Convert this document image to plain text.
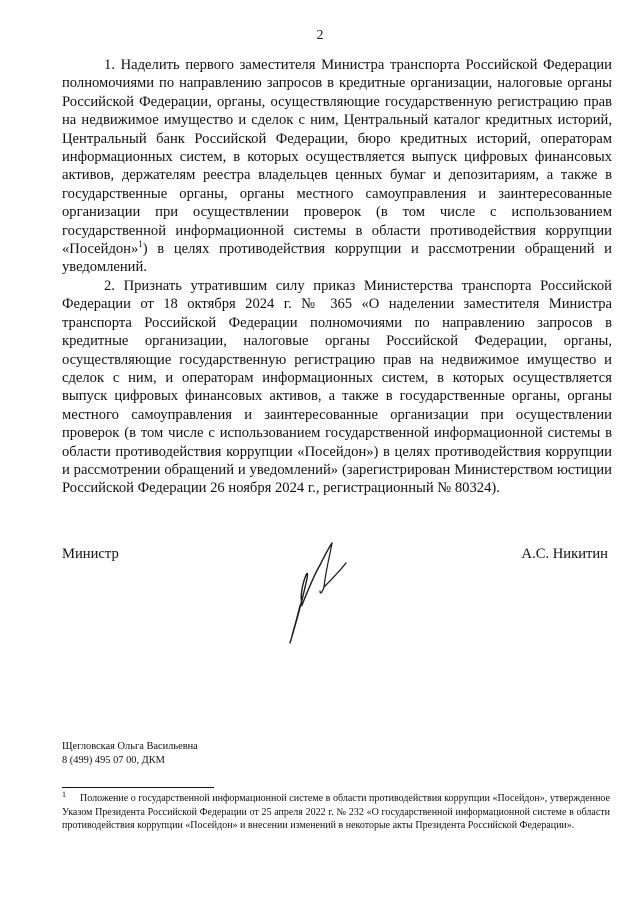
2

1. Наделить первого заместителя Министра транспорта Российской Федерации полномочиями по направлению запросов в кредитные организации, налоговые органы Российской Федерации, органы, осуществляющие государственную регистрацию прав на недвижимое имущество и сделок с ним, Центральный каталог кредитных историй, Центральный банк Российской Федерации, бюро кредитных историй, операторам информационных систем, в которых осуществляется выпуск цифровых финансовых активов, держателям реестра владельцев ценных бумаг и депозитариям, а также в государственные органы, органы местного самоуправления и заинтересованные организации при осуществлении проверок (в том числе с использованием государственной информационной системы в области противодействия коррупции «Посейдон»$^1$) в целях противодействия коррупции и рассмотрении обращений и уведомлений.

2. Признать утратившим силу приказ Министерства транспорта Российской Федерации от 18 октября 2024 г. № 365 «О наделении заместителя Министра транспорта Российской Федерации полномочиями по направлению запросов в кредитные организации, налоговые органы Российской Федерации, органы, осуществляющие государственную регистрацию прав на недвижимое имущество и сделок с ним, и операторам информационных систем, в которых осуществляется выпуск цифровых финансовых активов, а также в государственные органы, органы местного самоуправления и заинтересованные организации при осуществлении проверок (в том числе с использованием государственной информационной системы в области противодействия коррупции «Посейдон») в целях противодействия коррупции и рассмотрении обращений и уведомлений» (зарегистрирован Министерством юстиции Российской Федерации 26 ноября 2024 г., регистрационный № 80324).

Министр	А.С. Никитин
Щегловская Ольга Васильевна
8 (499) 495 07 00, ДКМ
$^1$ Положение о государственной информационной системе в области противодействия коррупции «Посейдон», утвержденное Указом Президента Российской Федерации от 25 апреля 2022 г. № 232 «О государственной информационной системе в области противодействия коррупции «Посейдон» и внесении изменений в некоторые акты Президента Российской Федерации».
